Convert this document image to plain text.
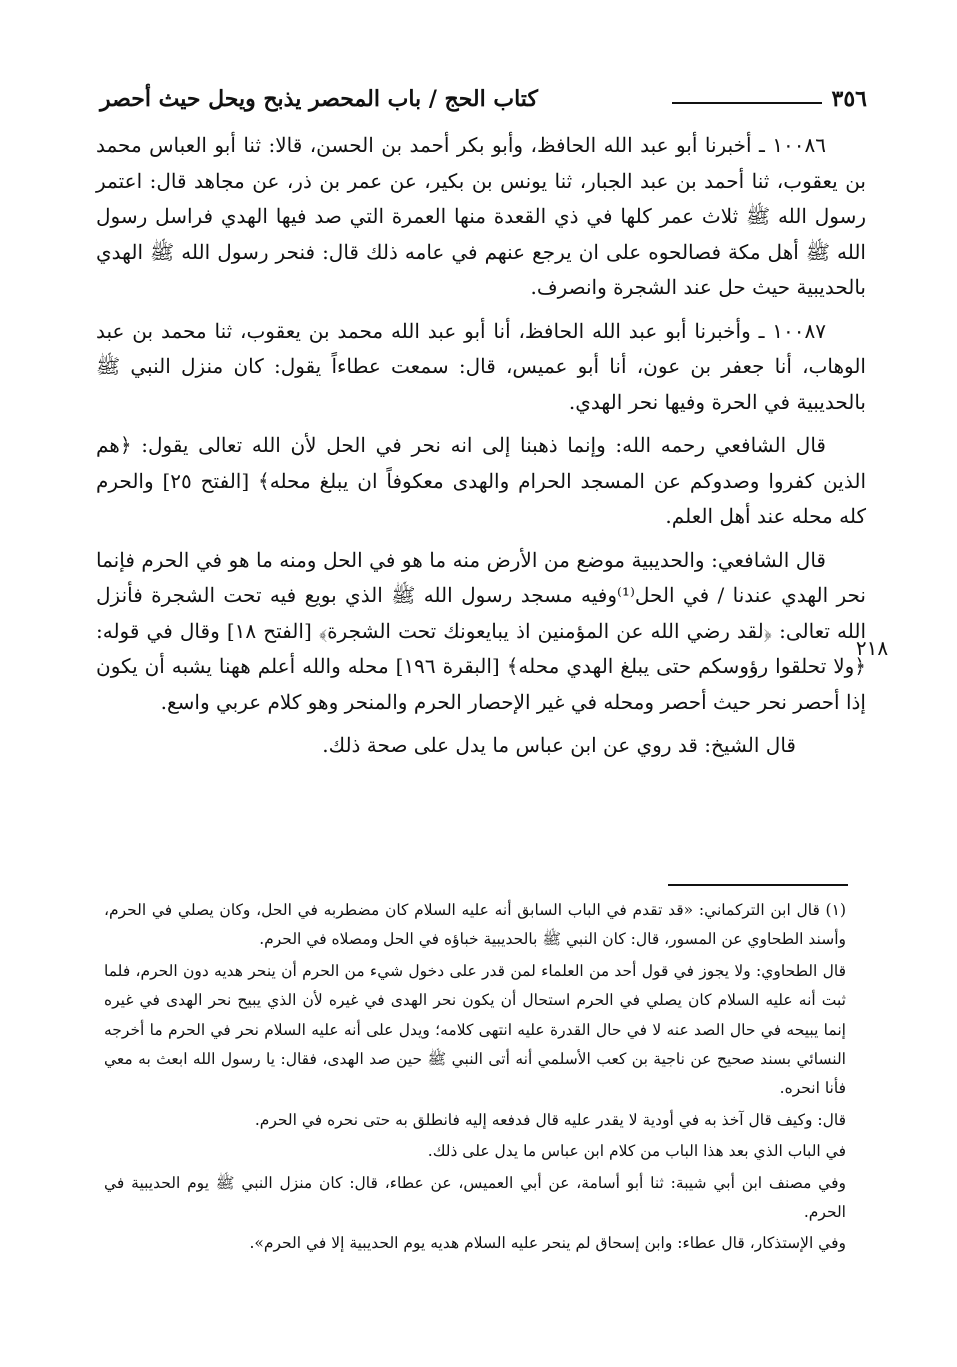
٣٥٦
كتاب الحج / باب المحصر يذبح ويحل حيث أحصر

١٠٠٨٦ ـ أخبرنا أبو عبد الله الحافظ، وأبو بكر أحمد بن الحسن، قالا: ثنا أبو العباس محمد بن يعقوب، ثنا أحمد بن عبد الجبار، ثنا يونس بن بكير، عن عمر بن ذر، عن مجاهد قال: اعتمر رسول الله ﷺ ثلاث عمر كلها في ذي القعدة منها العمرة التي صد فيها الهدي فراسل رسول الله ﷺ أهل مكة فصالحوه على ان يرجع عنهم في عامه ذلك قال: فنحر رسول الله ﷺ الهدي بالحديبية حيث حل عند الشجرة وانصرف.

١٠٠٨٧ ـ وأخبرنا أبو عبد الله الحافظ، أنا أبو عبد الله محمد بن يعقوب، ثنا محمد بن عبد الوهاب، أنا جعفر بن عون، أنا أبو عميس، قال: سمعت عطاءاً يقول: كان منزل النبي ﷺ بالحديبية في الحرة وفيها نحر الهدي.

قال الشافعي رحمه الله: وإنما ذهبنا إلى انه نحر في الحل لأن الله تعالى يقول: ﴿هم الذين كفروا وصدوكم عن المسجد الحرام والهدى معكوفاً ان يبلغ محله﴾ [الفتح ٢٥] والحرم كله محله عند أهل العلم.

قال الشافعي: والحديبية موضع من الأرض منه ما هو في الحل ومنه ما هو في الحرم فإنما نحر الهدي عندنا / في الحل⁽¹⁾وفيه مسجد رسول الله ﷺ الذي بويع فيه تحت الشجرة فأنزل الله تعالى: ﴿لقد رضي الله عن المؤمنين اذ يبايعونك تحت الشجرة﴾ [الفتح ١٨] وقال في قوله: ﴿ولا تحلقوا رؤوسكم حتى يبلغ الهدي محله﴾ [البقرة ١٩٦] محله والله أعلم ههنا يشبه أن يكون إذا أحصر نحر حيث أحصر ومحله في غير الإحصار الحرم والمنحر وهو كلام عربي واسع.

قال الشيخ: قد روي عن ابن عباس ما يدل على صحة ذلك.

٢١٨

(١) قال ابن التركماني: «قد تقدم في الباب السابق أنه عليه السلام كان مضطربه في الحل، وكان يصلي في الحرم، وأسند الطحاوي عن المسور، قال: كان النبي ﷺ بالحديبية خباؤه في الحل ومصلاه في الحرم.

قال الطحاوي: ولا يجوز في قول أحد من العلماء لمن قدر على دخول شيء من الحرم أن ينحر هديه دون الحرم، فلما ثبت أنه عليه السلام كان يصلي في الحرم استحال أن يكون نحر الهدى في غيره لأن الذي يبيح نحر الهدى في غيره إنما يبيحه في حال الصد عنه لا في حال القدرة عليه انتهى كلامه؛ ويدل على أنه عليه السلام نحر في الحرم ما أخرجه النسائي بسند صحيح عن ناجية بن كعب الأسلمي أنه أتى النبي ﷺ حين صد الهدى، فقال: يا رسول الله ابعث به معي فأنا انحره.

قال: وكيف قال آخذ به في أودية لا يقدر عليه قال فدفعه إليه فانطلق به حتى نحره في الحرم.

في الباب الذي بعد هذا الباب من كلام ابن عباس ما يدل على ذلك.

وفي مصنف ابن أبي شيبة: ثنا أبو أسامة، عن أبي العميس، عن عطاء، قال: كان منزل النبي ﷺ يوم الحديبية في الحرم.

وفي الإستذكار، قال عطاء: وابن إسحاق لم ينحر عليه السلام هديه يوم الحديبية إلا في الحرم».
